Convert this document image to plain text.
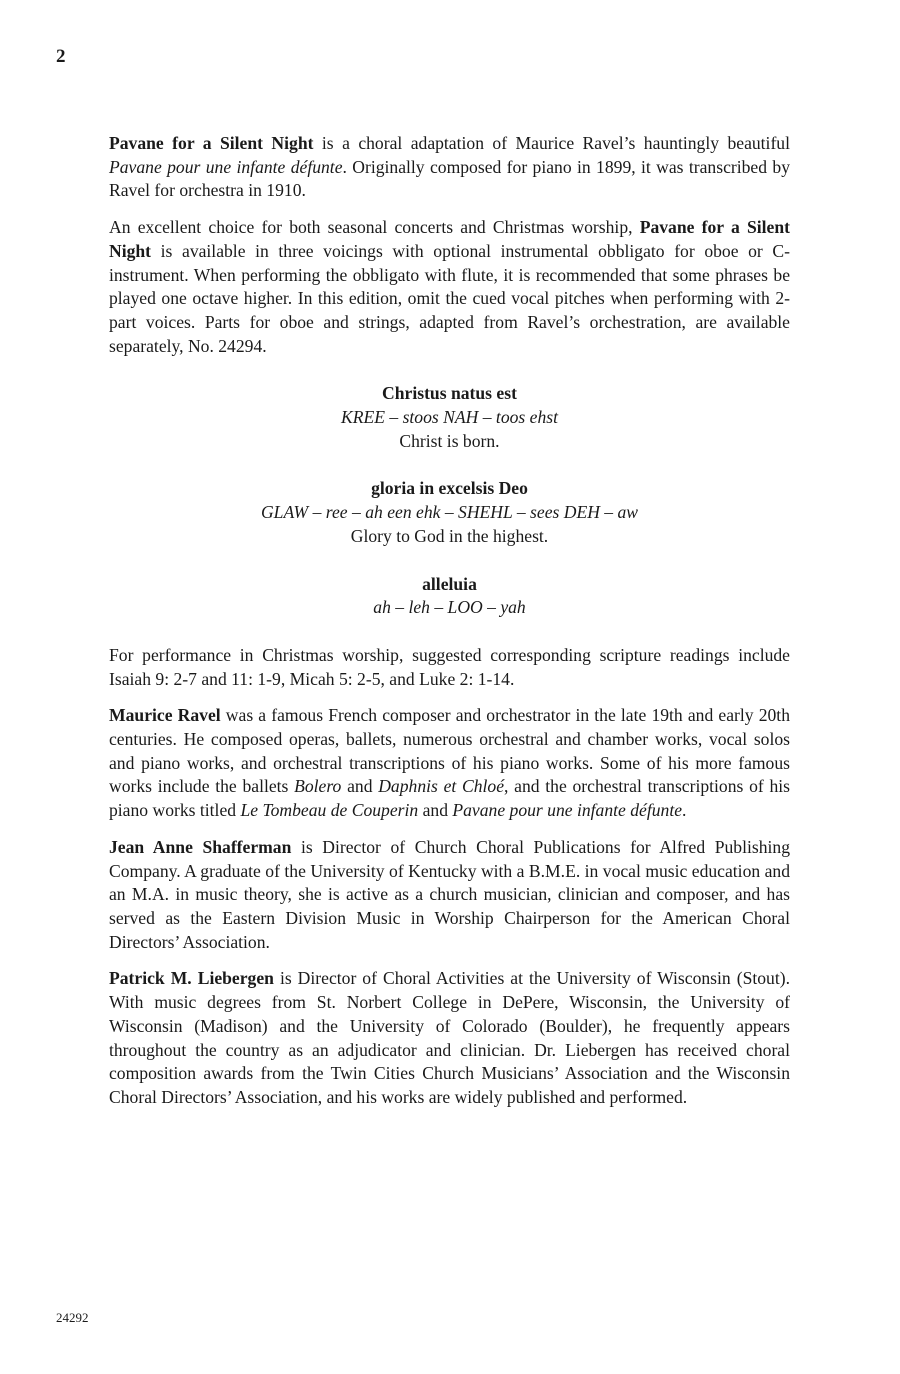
2

Pavane for a Silent Night is a choral adaptation of Maurice Ravel’s hauntingly beautiful Pavane pour une infante défunte. Originally composed for piano in 1899, it was transcribed by Ravel for orchestra in 1910.

An excellent choice for both seasonal concerts and Christmas worship, Pavane for a Silent Night is available in three voicings with optional instrumental obbligato for oboe or C-instrument. When performing the obbligato with flute, it is recommended that some phrases be played one octave higher. In this edition, omit the cued vocal pitches when performing with 2-part voices. Parts for oboe and strings, adapted from Ravel’s orchestration, are available separately, No. 24294.

Christus natus est
KREE – stoos NAH – toos ehst
Christ is born.
gloria in excelsis Deo
GLAW – ree – ah een ehk – SHEHL – sees DEH – aw
Glory to God in the highest.
alleluia
ah – leh – LOO – yah

For performance in Christmas worship, suggested corresponding scripture readings include Isaiah 9: 2-7 and 11: 1-9, Micah 5: 2-5, and Luke 2: 1-14.

Maurice Ravel was a famous French composer and orchestrator in the late 19th and early 20th centuries. He composed operas, ballets, numerous orchestral and chamber works, vocal solos and piano works, and orchestral transcriptions of his piano works. Some of his more famous works include the ballets Bolero and Daphnis et Chloé, and the orchestral transcriptions of his piano works titled Le Tombeau de Couperin and Pavane pour une infante défunte.

Jean Anne Shafferman is Director of Church Choral Publications for Alfred Publishing Company. A graduate of the University of Kentucky with a B.M.E. in vocal music education and an M.A. in music theory, she is active as a church musician, clinician and composer, and has served as the Eastern Division Music in Worship Chairperson for the American Choral Directors’ Association.

Patrick M. Liebergen is Director of Choral Activities at the University of Wisconsin (Stout). With music degrees from St. Norbert College in DePere, Wisconsin, the University of Wisconsin (Madison) and the University of Colorado (Boulder), he frequently appears throughout the country as an adjudicator and clinician. Dr. Liebergen has received choral composition awards from the Twin Cities Church Musicians’ Association and the Wisconsin Choral Directors’ Association, and his works are widely published and performed.

24292
